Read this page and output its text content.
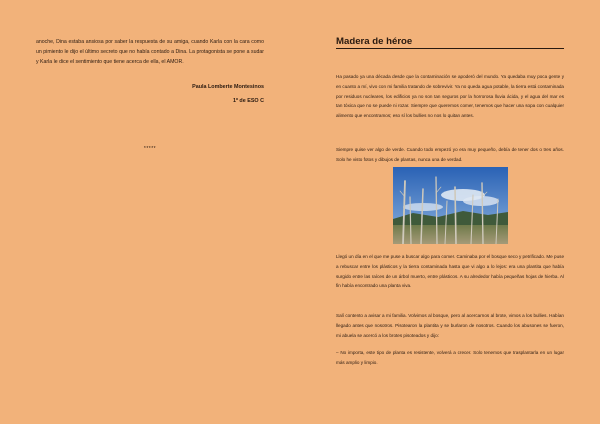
anoche, Dina estaba ansiosa por saber la respuesta de su amiga, cuando Karla con la cara como un pimiento le dijo el último secreto que no había contado a Dina. La protagonista se pone a sudar y Karla le dice el sentimiento que tiene acerca de ella, el AMOR.

Paula Lomberte Montesinos

1º de ESO C

*****

Madera de héroe

Ha pasado ya una década desde que la contaminación se apoderó del mundo. Ya quedaba muy poca gente y en cuanto a mí, vivo con mi familia tratando de sobrevivir. Ya no queda agua potable, la tierra está contaminada por residuos nucleares, los edificios ya no son tan seguros por la horrorosa lluvia ácida, y el agua del mar es tan tóxica que no se puede ni rozar. Siempre que queremos comer, tenemos que hacer una sopa con cualquier alimento que encontramos; eso sí los bullies no nos lo quitan antes.

Siempre quise ver algo de verde. Cuando todo empezó yo era muy pequeño, debía de tener dos o tres años. Solo he visto fotos y dibujos de plantas, nunca una de verdad.

Llegó un día en el que me puse a buscar algo para comer. Caminaba por el bosque seco y petrificado. Me puse a rebuscar entre los plásticos y la tierra contaminada hasta que vi algo a lo lejos: era una plantita que había surgido entre las raíces de un árbol muerto, entre plásticos. A su alrededor había pequeñas hojas de hierba. Al fin había encontrado una planta viva.

Salí contento a avisar a mi familia. Volvimos al bosque, pero al acercarnos al brote, vimos a los bullies. Habían llegado antes que nosotros. Pisotearon la plantita y se burlaron de nosotros. Cuando los abusones se fueron, mi abuela se acercó a los brotes pisoteados y dijo:

– No importa, este tipo de planta es resistente, volverá a crecer. Solo tenemos que trasplantarla en un lugar más amplio y limpio.
